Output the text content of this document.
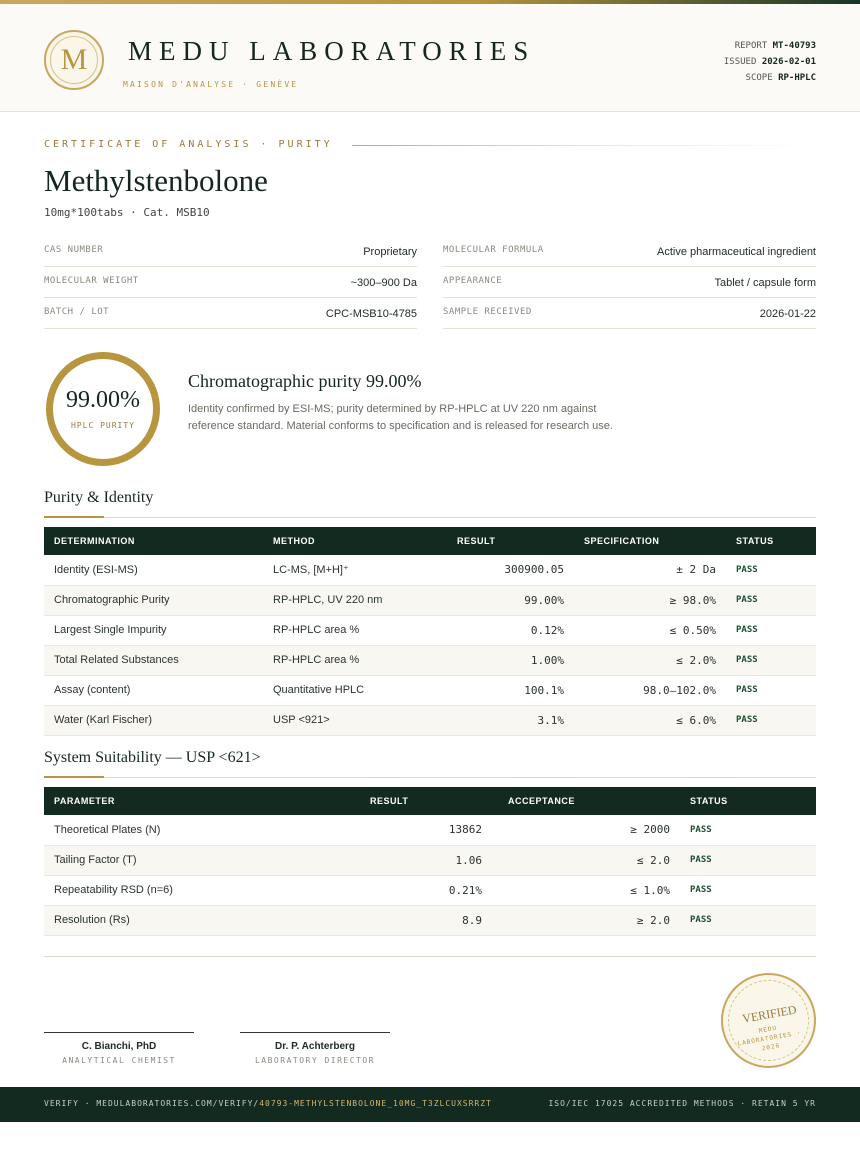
M	MEDU LABORATORIES
MAISON D'ANALYSE · GENÈVE
REPORT MT-40793
ISSUED 2026-02-01
SCOPE RP-HPLC
CERTIFICATE OF ANALYSIS · PURITY
Methylstenbolone
10mg*100tabs · Cat. MSB10
CAS NUMBER	Proprietary	MOLECULAR FORMULA	Active pharmaceutical ingredient
MOLECULAR WEIGHT	~300–900 Da	APPEARANCE	Tablet / capsule form
BATCH / LOT	CPC-MSB10-4785	SAMPLE RECEIVED	2026-01-22
99.00%
HPLC PURITY
Chromatographic purity 99.00%
Identity confirmed by ESI-MS; purity determined by RP-HPLC at UV 220 nm against reference standard. Material conforms to specification and is released for research use.
Purity & Identity
DETERMINATION	METHOD	RESULT	SPECIFICATION	STATUS
Identity (ESI-MS)	LC-MS, [M+H]⁺	300900.05	± 2 Da	PASS
Chromatographic Purity	RP-HPLC, UV 220 nm	99.00%	≥ 98.0%	PASS
Largest Single Impurity	RP-HPLC area %	0.12%	≤ 0.50%	PASS
Total Related Substances	RP-HPLC area %	1.00%	≤ 2.0%	PASS
Assay (content)	Quantitative HPLC	100.1%	98.0–102.0%	PASS
Water (Karl Fischer)	USP <921>	3.1%	≤ 6.0%	PASS
System Suitability — USP <621>
PARAMETER	RESULT	ACCEPTANCE	STATUS
Theoretical Plates (N)	13862	≥ 2000	PASS
Tailing Factor (T)	1.06	≤ 2.0	PASS
Repeatability RSD (n=6)	0.21%	≤ 1.0%	PASS
Resolution (Rs)	8.9	≥ 2.0	PASS
C. Bianchi, PhD
ANALYTICAL CHEMIST
Dr. P. Achterberg
LABORATORY DIRECTOR
VERIFIED
MEDU LABORATORIES · 2026
VERIFY · MEDULABORATORIES.COM/VERIFY/40793-METHYLSTENBOLONE_10MG_T3ZLCUXSRRZT	ISO/IEC 17025 ACCREDITED METHODS · RETAIN 5 YR
